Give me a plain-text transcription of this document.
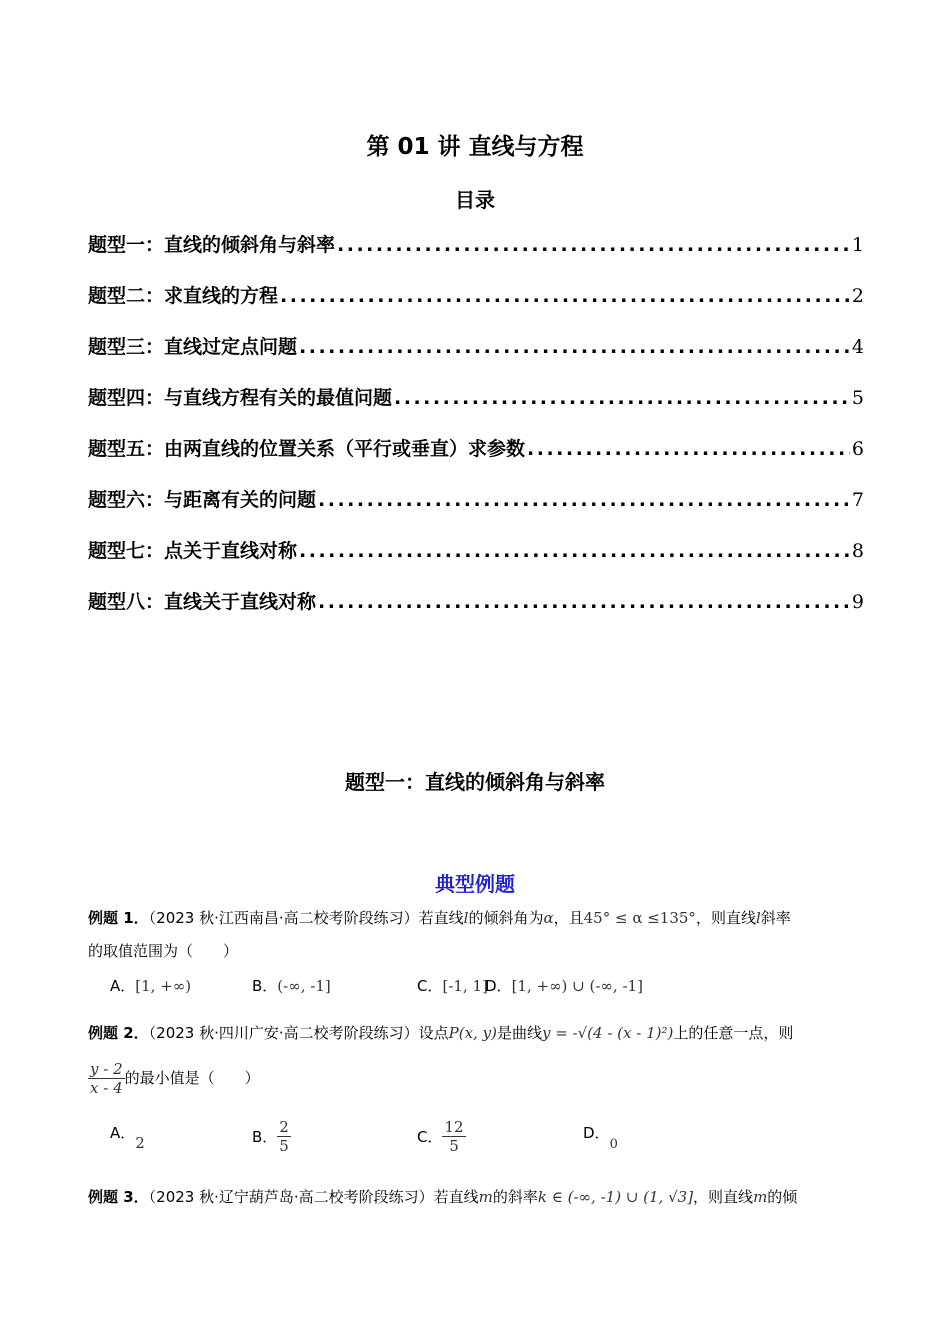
第 01 讲 直线与方程
目录
题型一：直线的倾斜角与斜率 .....	1
题型二：求直线的方程 .....	2
题型三：直线过定点问题 .....	4
题型四：与直线方程有关的最值问题 .....	5
题型五：由两直线的位置关系（平行或垂直）求参数 .....	6
题型六：与距离有关的问题 .....	7
题型七：点关于直线对称 .....	8
题型八：直线关于直线对称 .....	9
题型一：直线的倾斜角与斜率
典型例题
例题 1．（2023 秋·江西南昌·高二校考阶段练习）若直线l的倾斜角为α，且45° ≤ α ≤135°，则直线l斜率
的取值范围为（　　）
A．[1, +∞)	B．(-∞, -1]	C．[-1, 1]
D．[1, +∞) ∪ (-∞, -1]
例题 2．（2023 秋·四川广安·高二校考阶段练习）设点P(x, y)是曲线y = -√(4 - (x - 1)²)上的任意一点，则
$\frac{y - 2}{x - 4}$ 的最小值是（　　）
A．2	B． $\frac{2}{5}$	C． $\frac{12}{5}$	D．0
例题 3．（2023 秋·辽宁葫芦岛·高二校考阶段练习）若直线m的斜率k ∈ (-∞, -1) ∪ (1, √3]，则直线m的倾
